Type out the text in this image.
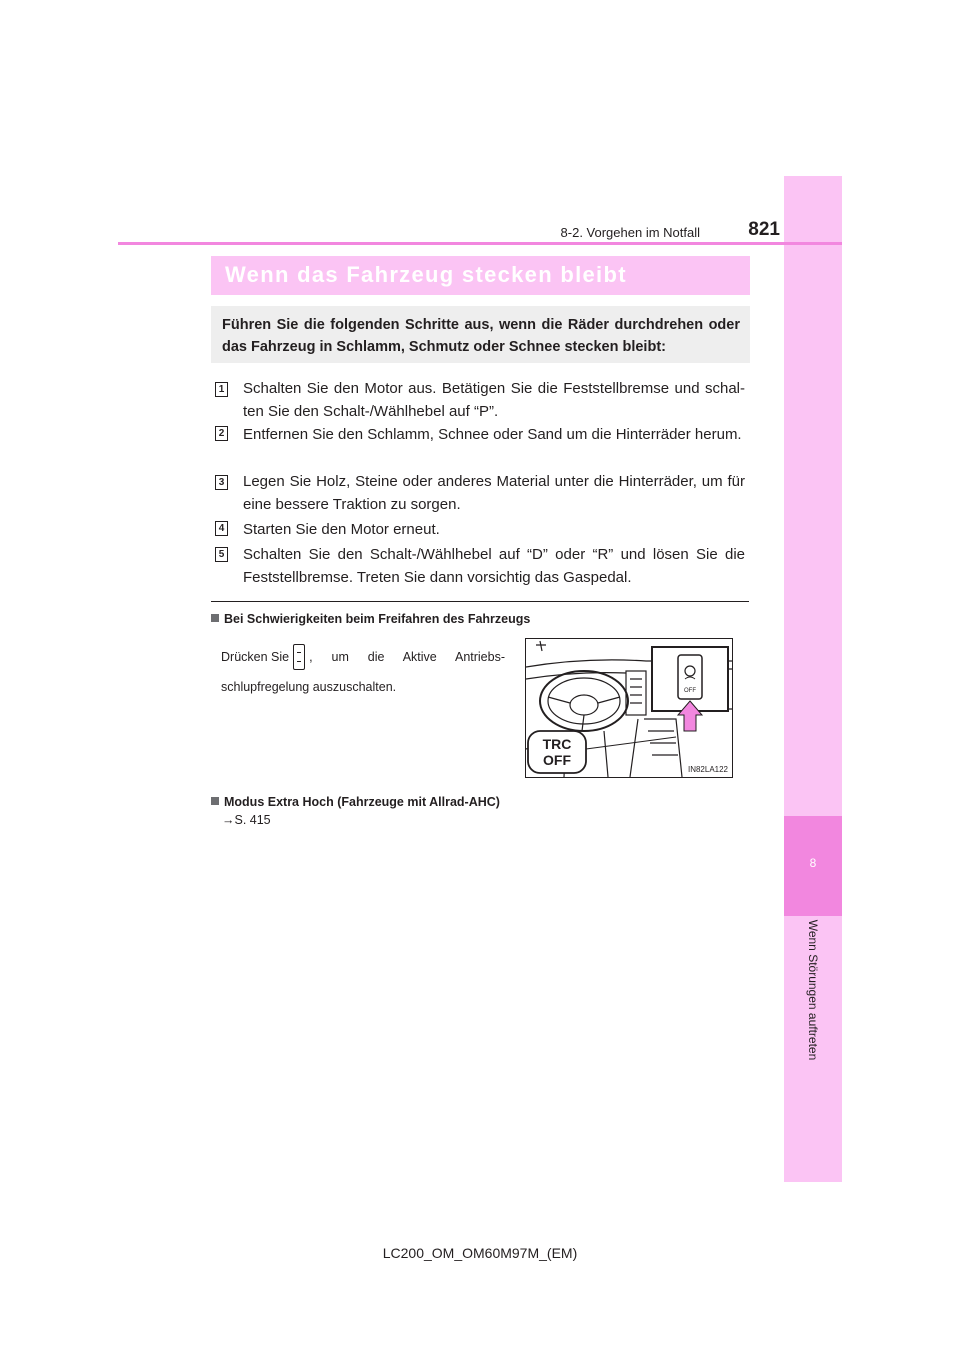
8
Wenn Störungen auftreten
8-2. Vorgehen im Notfall	821
Wenn das Fahrzeug stecken bleibt
Führen Sie die folgenden Schritte aus, wenn die Räder durchdrehen oder das Fahrzeug in Schlamm, Schmutz oder Schnee stecken bleibt:
1 Schalten Sie den Motor aus. Betätigen Sie die Feststellbremse und schal-ten Sie den Schalt-/Wählhebel auf “P”.
2 Entfernen Sie den Schlamm, Schnee oder Sand um die Hinterräder herum.
3 Legen Sie Holz, Steine oder anderes Material unter die Hinterräder, um für eine bessere Traktion zu sorgen.
4 Starten Sie den Motor erneut.
5 Schalten Sie den Schalt-/Wählhebel auf “D” oder “R” und lösen Sie die Feststellbremse. Treten Sie dann vorsichtig das Gaspedal.
Bei Schwierigkeiten beim Freifahren des Fahrzeugs
Drücken Sie , um die Aktive Antriebs-
schlupfregelung auszuschalten.	OFF
TRC
OFF
IN82LA122
Modus Extra Hoch (Fahrzeuge mit Allrad-AHC)
→S. 415
LC200_OM_OM60M97M_(EM)
